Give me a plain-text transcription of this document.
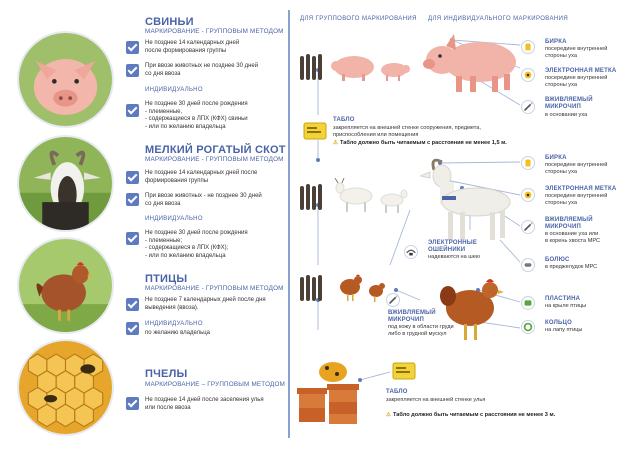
СВИНЬИ
МАРКИРОВАНИЕ - ГРУППОВЫМ МЕТОДОМ
Не позднее 14 календарных дней
после формирования группы
При ввозе животных не позднее 30 дней
со дня ввоза
ИНДИВИДУАЛЬНО
Не позднее 30 дней после рождения
- племенные,
- содержащиеся в ЛПХ (КФХ) свиньи
- или по желанию владельца
МЕЛКИЙ РОГАТЫЙ СКОТ
МАРКИРОВАНИЕ - ГРУППОВЫМ МЕТОДОМ
Не позднее 14 календарных дней после
формирования группы
При ввозе животных - не позднее 30 дней
со дня ввоза
ИНДИВИДУАЛЬНО
Не позднее 30 дней после рождения
- племенные;
- содержащиеся в ЛПХ (КФХ);
- или по желанию владельца
ПТИЦЫ
МАРКИРОВАНИЕ - ГРУППОВЫМ МЕТОДОМ
Не позднее 7 календарных дней после дня
выведения (ввоза).
ИНДИВИДУАЛЬНО
по желанию владельца
ПЧЕЛЫ
МАРКИРОВАНИЕ – ГРУППОВЫМ МЕТОДОМ
Не позднее 14 дней после заселения улья
или после ввоза
ДЛЯ ГРУППОВОГО МАРКИРОВАНИЯ ДЛЯ ИНДИВИДУАЛЬНОГО МАРКИРОВАНИЯ
ТАБЛО
закрепляется на внешней стенке сооружения, предмета,
приспособления или помещения
⚠ Табло должно быть читаемым с расстояния не менее 1,5 м.
БИРКА
посередине внутренней
стороны уха
ЭЛЕКТРОННАЯ МЕТКА
посередине внутренней
стороны уха
ВЖИВЛЯЕМЫЙ
МИКРОЧИП
в основании уха
БИРКА
посередине внутренней
стороны уха
ЭЛЕКТРОННАЯ МЕТКА
посередине внутренней
стороны уха
ВЖИВЛЯЕМЫЙ
МИКРОЧИП
в основание уха или
в корень хвоста МРС
ЭЛЕКТРОННЫЕ
ОШЕЙНИКИ
надеваются на шею	БОЛЮС
в преджелудок МРС
ВЖИВЛЯЕМЫЙ
МИКРОЧИП
под кожу в области груди
либо в грудной мускул
ПЛАСТИНА
на крыле птицы
КОЛЬЦО
на лапу птицы
ТАБЛО
закрепляется на внешней стенке улья
⚠ Табло должно быть читаемым с расстояния не менее 3 м.
